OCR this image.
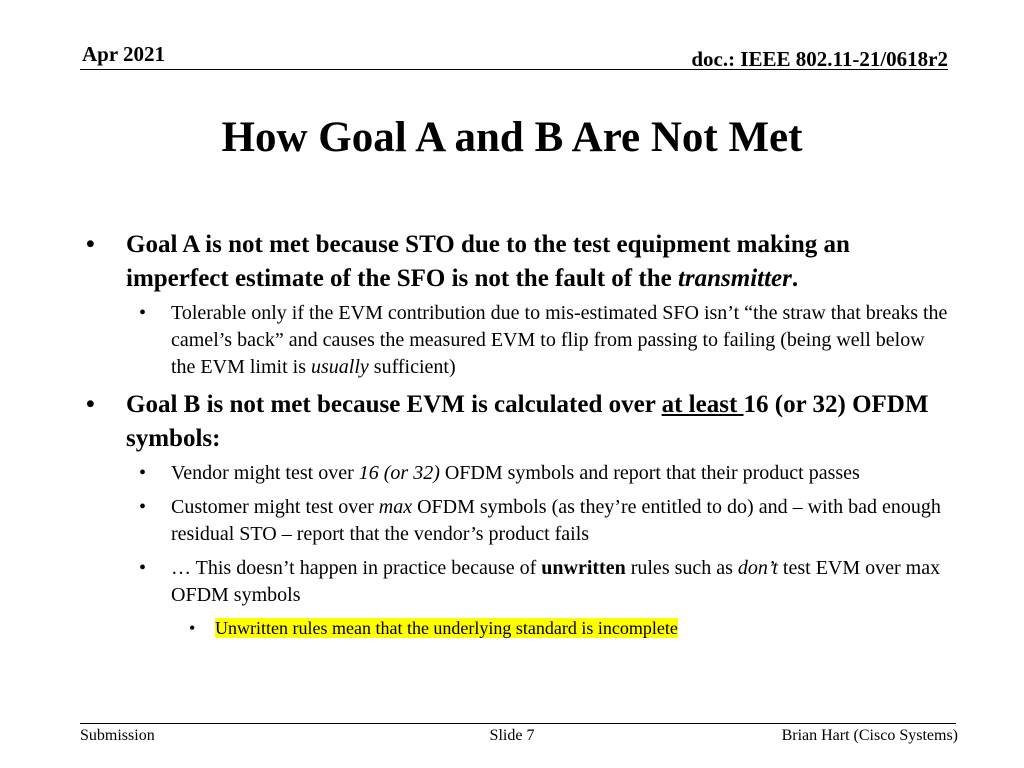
Apr 2021	doc.: IEEE 802.11-21/0618r2
How Goal A and B Are Not Met
• Goal A is not met because STO due to the test equipment making an imperfect estimate of the SFO is not the fault of the transmitter.
• Tolerable only if the EVM contribution due to mis-estimated SFO isn’t “the straw that breaks the camel’s back” and causes the measured EVM to flip from passing to failing (being well below the EVM limit is usually sufficient)
• Goal B is not met because EVM is calculated over at least 16 (or 32) OFDM symbols:
• Vendor might test over 16 (or 32) OFDM symbols and report that their product passes
• Customer might test over max OFDM symbols (as they’re entitled to do) and – with bad enough residual STO – report that the vendor’s product fails
• … This doesn’t happen in practice because of unwritten rules such as don’t test EVM over max OFDM symbols
• Unwritten rules mean that the underlying standard is incomplete
Submission	Slide 7	Brian Hart (Cisco Systems)
